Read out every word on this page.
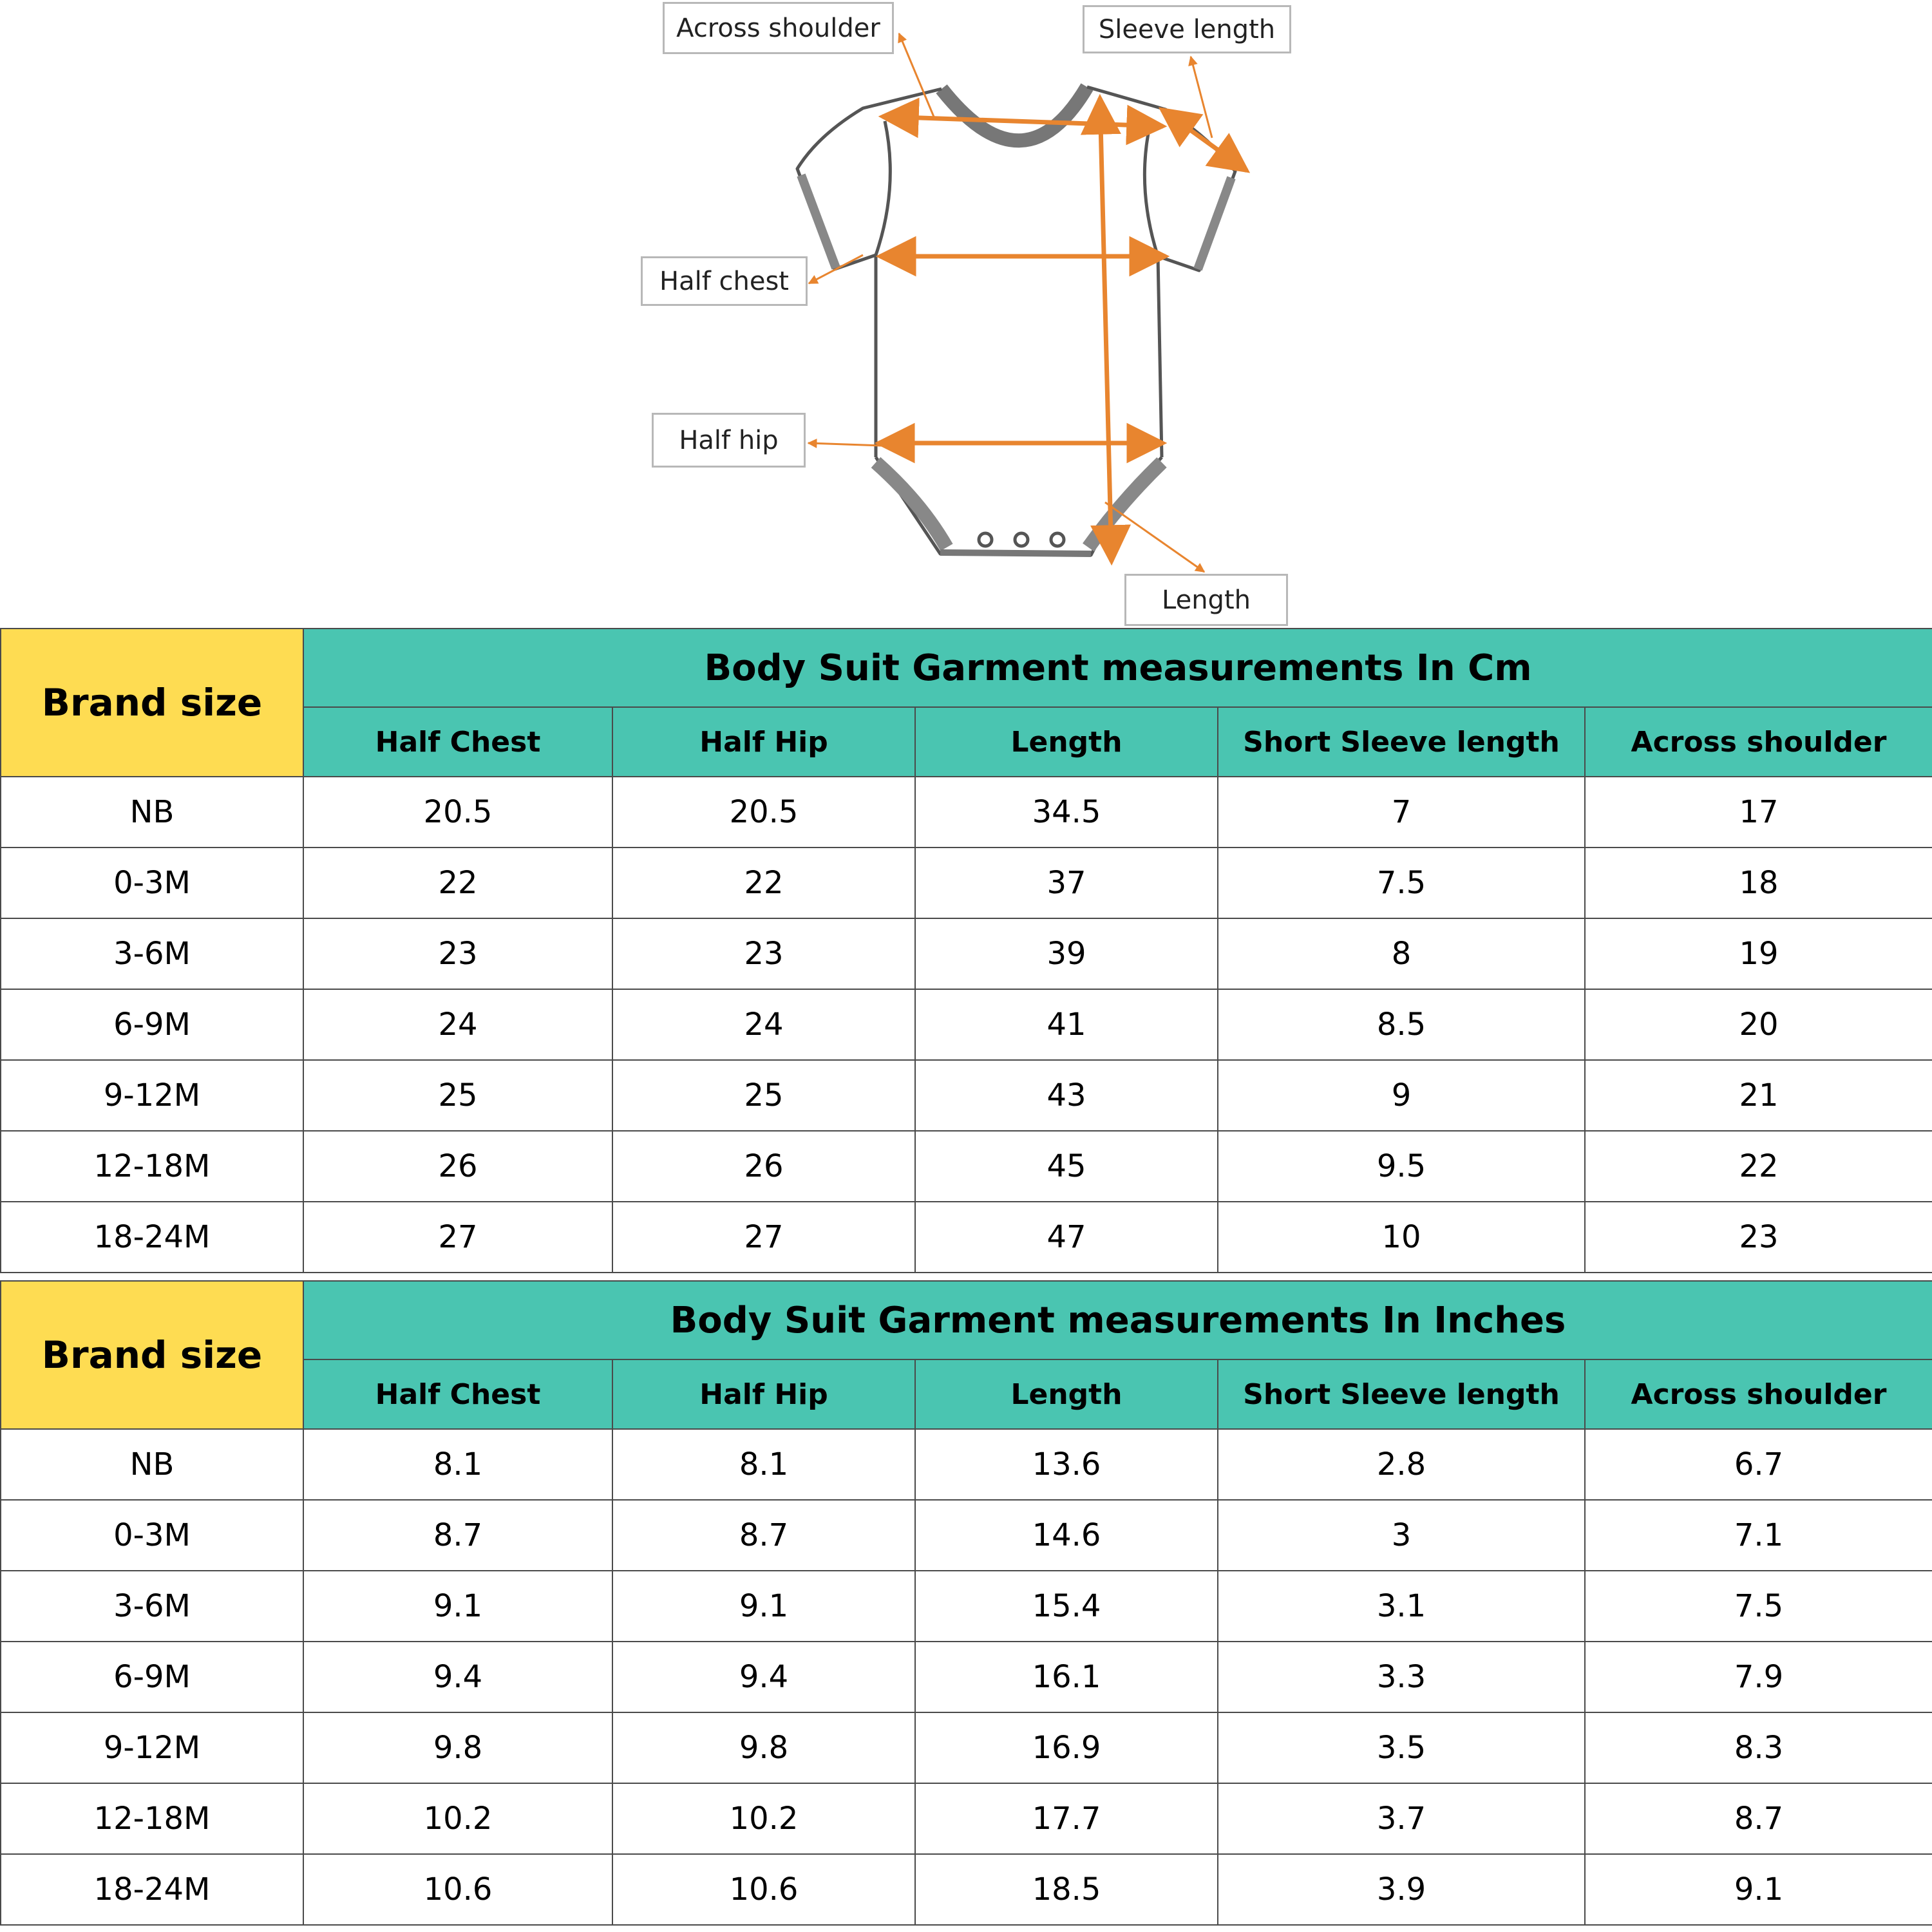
Across shoulder	Sleeve length
Half chest
Half hip
Length
Brand size	Body Suit Garment measurements In Cm				
	Half Chest	Half Hip	Length	Short Sleeve length	Across shoulder
NB	20.5	20.5	34.5	7	17
0-3M	22	22	37	7.5	18
3-6M	23	23	39	8	19
6-9M	24	24	41	8.5	20
9-12M	25	25	43	9	21
12-18M	26	26	45	9.5	22
18-24M	27	27	47	10	23
Brand size	Body Suit Garment measurements In Inches				
	Half Chest	Half Hip	Length	Short Sleeve length	Across shoulder
NB	8.1	8.1	13.6	2.8	6.7
0-3M	8.7	8.7	14.6	3	7.1
3-6M	9.1	9.1	15.4	3.1	7.5
6-9M	9.4	9.4	16.1	3.3	7.9
9-12M	9.8	9.8	16.9	3.5	8.3
12-18M	10.2	10.2	17.7	3.7	8.7
18-24M	10.6	10.6	18.5	3.9	9.1
